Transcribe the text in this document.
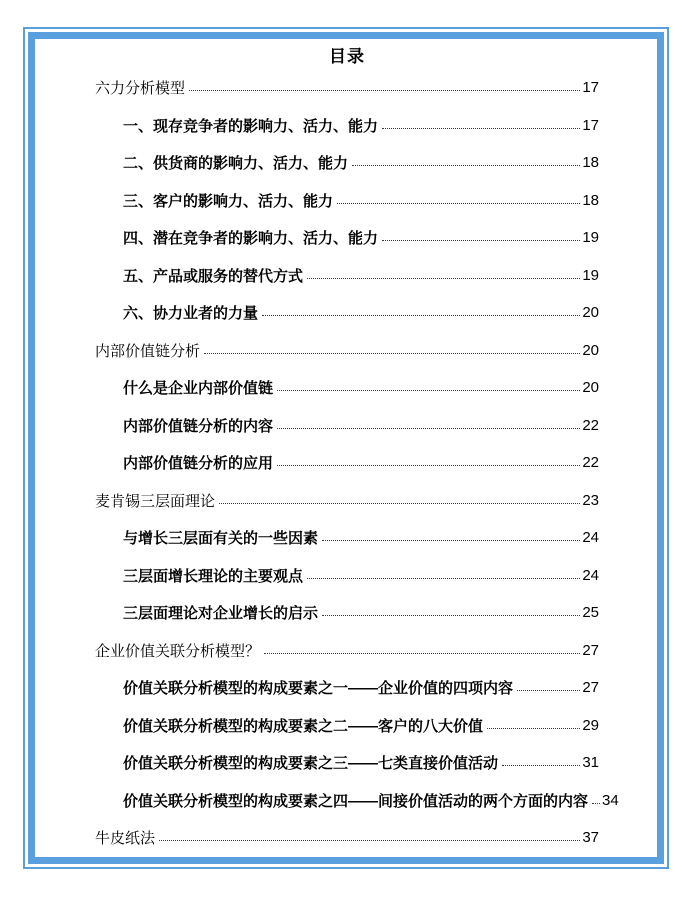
目录
六力分析模型	17
一、现存竞争者的影响力、活力、能力	17
二、供货商的影响力、活力、能力	18
三、客户的影响力、活力、能力	18
四、潜在竞争者的影响力、活力、能力	19
五、产品或服务的替代方式	19
六、协力业者的力量	20
内部价值链分析	20
什么是企业内部价值链	20
内部价值链分析的内容	22
内部价值链分析的应用	22
麦肯锡三层面理论	23
与增长三层面有关的一些因素	24
三层面增长理论的主要观点	24
三层面理论对企业增长的启示	25
企业价值关联分析模型？	27
价值关联分析模型的构成要素之一——企业价值的四项内容	27
价值关联分析模型的构成要素之二——客户的八大价值	29
价值关联分析模型的构成要素之三——七类直接价值活动	31
价值关联分析模型的构成要素之四——间接价值活动的两个方面的内容 34
牛皮纸法	37
